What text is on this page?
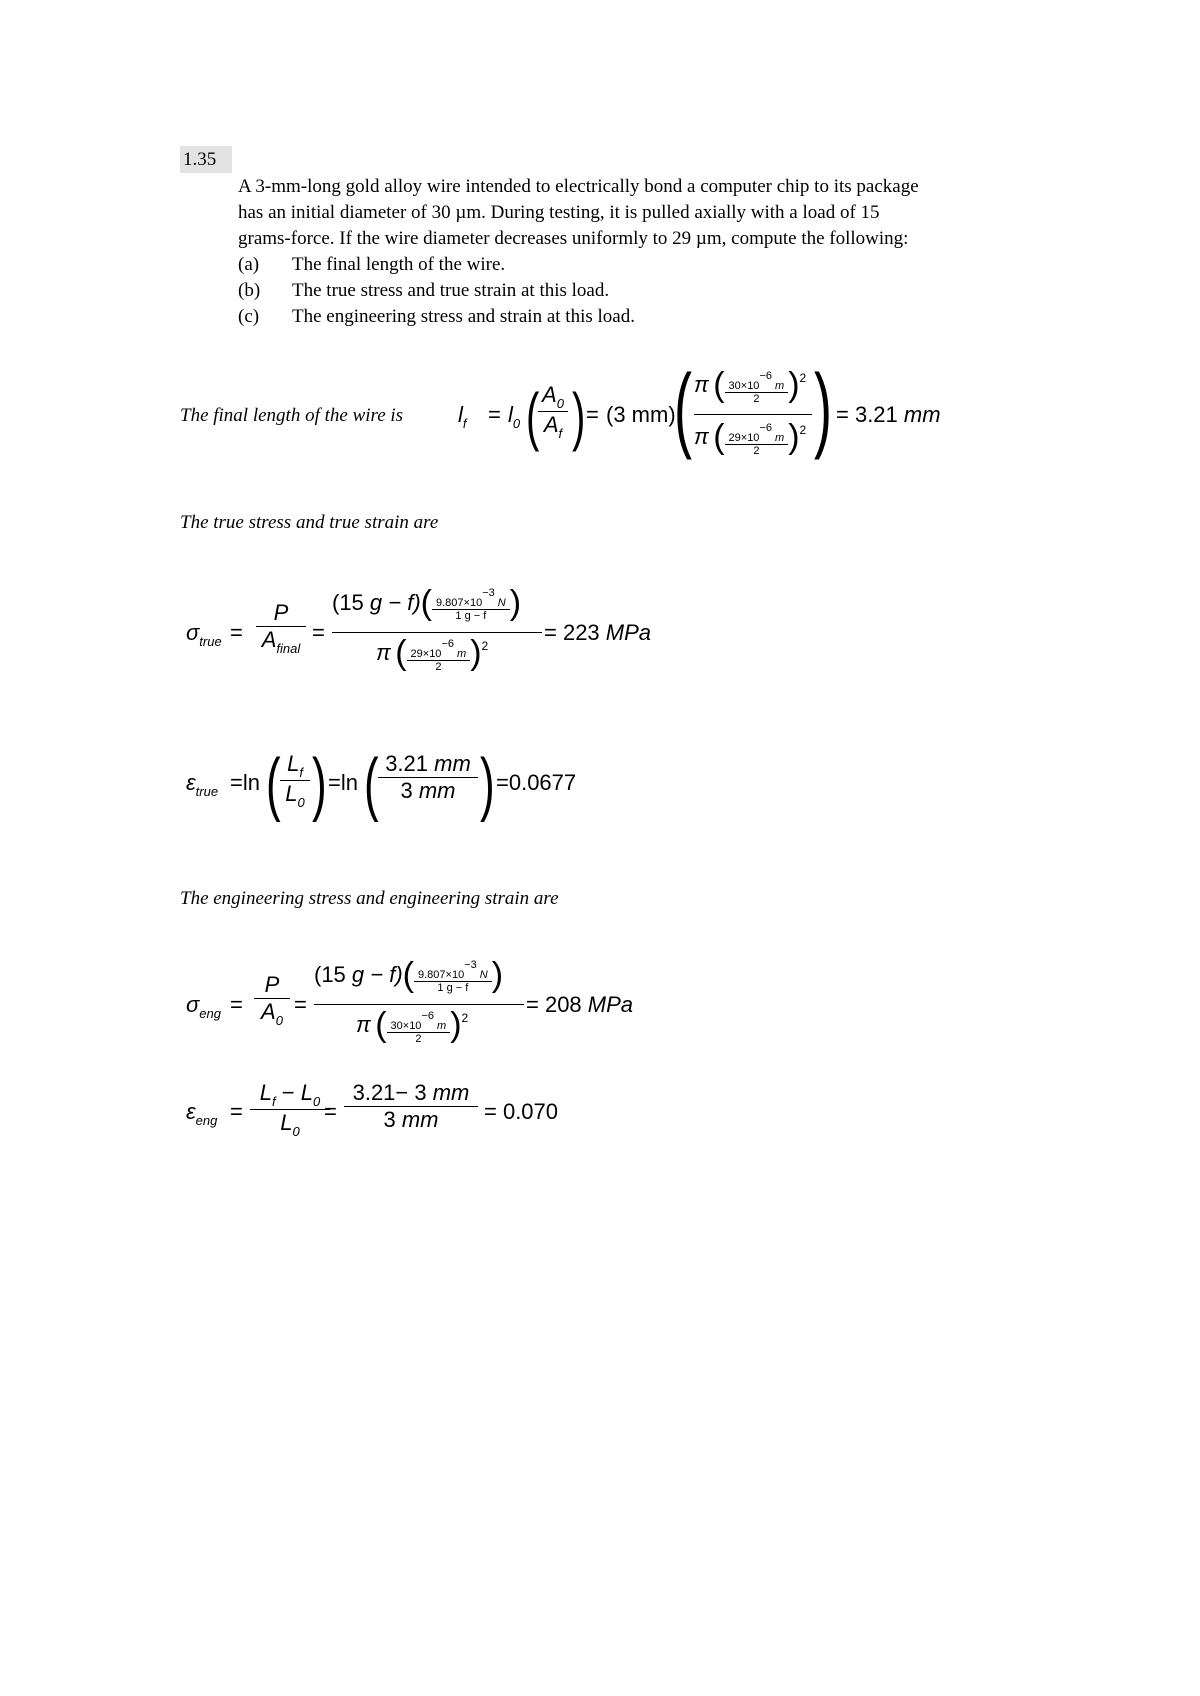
1.35
A 3-mm-long gold alloy wire intended to electrically bond a computer chip to its package
has an initial diameter of 30 µm. During testing, it is pulled axially with a load of 15
grams-force. If the wire diameter decreases uniformly to 29 µm, compute the following:
(a) The final length of the wire.
(b) The true stress and true strain at this load.
(c) The engineering stress and strain at this load.
The final length of the wire is $l_f = l_0$ ( $A_0$
$A_f$ ) = (3 mm)
( π ( $\frac{30\times 10-6 m}{2} )^2$
π ( $\frac{29\times 10-6 m}{2} )^2$ ) = 3.21 mm
The true stress and true strain are
$\sigma_{true}$ =
P
$A_{final}$
=
(15 $g - f)( \frac{9.807\times 10-3 N}{1 g - f}$ )
π ( $\frac{29\times 10-6 m}{2} )^2$
= 223 MPa
$\varepsilon_{true} =\ln$ ( $L_f$
$L_0$ ) =ln ( 3.21 mm
3 mm ) =0.0677
The engineering stress and engineering strain are
$\sigma_{eng}$ =
P
$A_0$
=
(15 $g - f)( \frac{9.807\times 10-3 N}{1 g - f}$ )
π ( $\frac{30\times 10-6 m}{2} )^2$
= 208 MPa
$\varepsilon_{eng}$ =
$L_f - L_0$
$L_0$
=
3.21− 3 mm
3 mm	= 0.070
